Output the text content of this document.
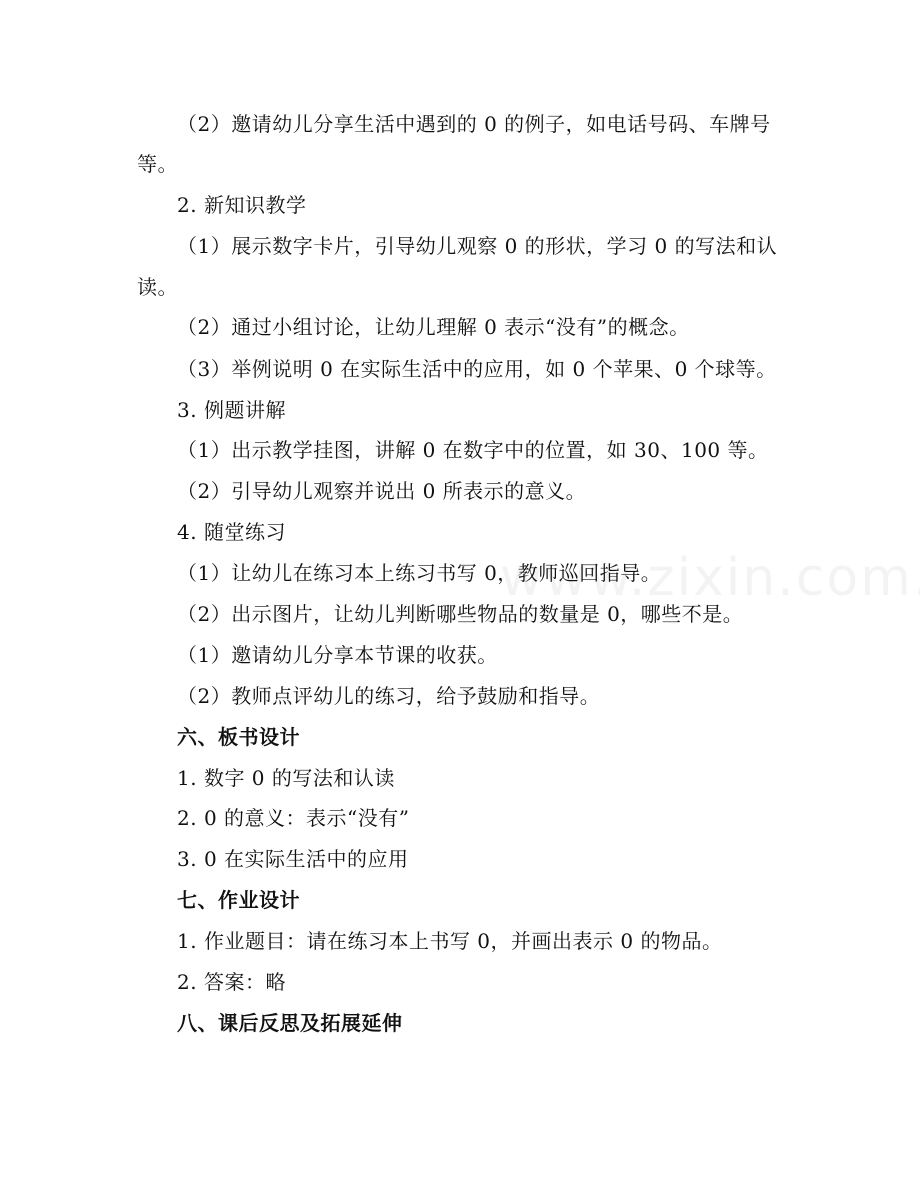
（2）邀请幼儿分享生活中遇到的 0 的例子，如电话号码、车牌号
等。
2. 新知识教学
（1）展示数字卡片，引导幼儿观察 0 的形状，学习 0 的写法和认
读。
（2）通过小组讨论，让幼儿理解 0 表示“没有”的概念。
（3）举例说明 0 在实际生活中的应用，如 0 个苹果、0 个球等。
3. 例题讲解
（1）出示教学挂图，讲解 0 在数字中的位置，如 30、100 等。
（2）引导幼儿观察并说出 0 所表示的意义。
4. 随堂练习
（1）让幼儿在练习本上练习书写 0，教师巡回指导。
（2）出示图片，让幼儿判断哪些物品的数量是 0，哪些不是。
（1）邀请幼儿分享本节课的收获。
（2）教师点评幼儿的练习，给予鼓励和指导。
六、板书设计
1. 数字 0 的写法和认读
2. 0 的意义：表示“没有”
3. 0 在实际生活中的应用
七、作业设计
1. 作业题目：请在练习本上书写 0，并画出表示 0 的物品。
2. 答案：略
八、课后反思及拓展延伸
